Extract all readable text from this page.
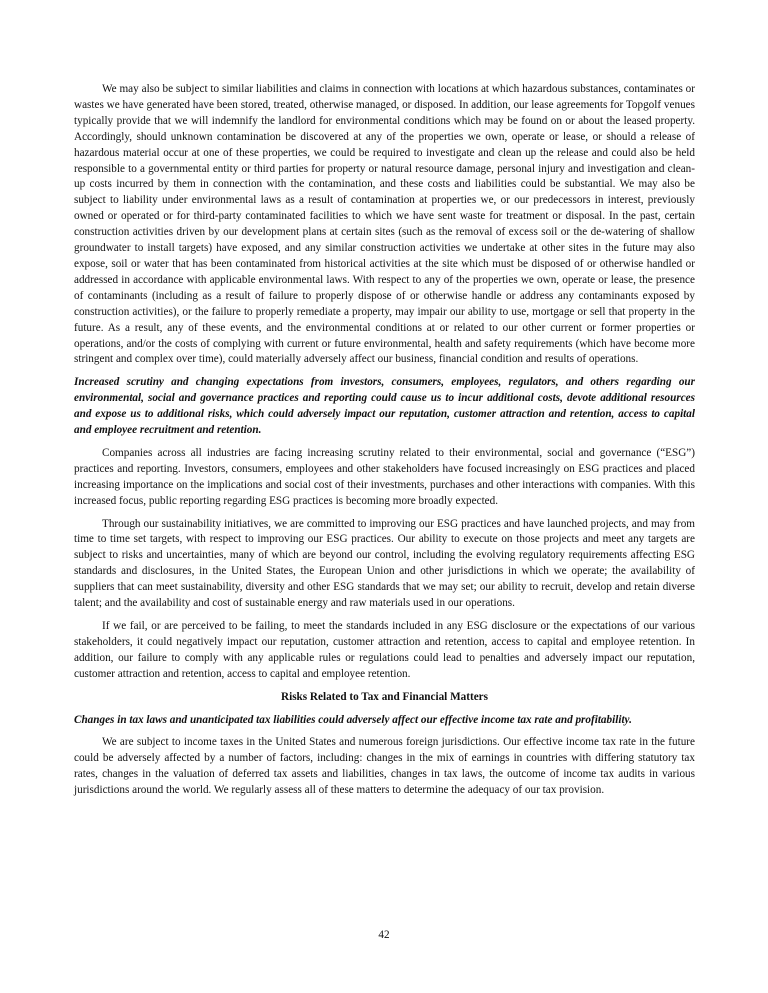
We may also be subject to similar liabilities and claims in connection with locations at which hazardous substances, contaminates or wastes we have generated have been stored, treated, otherwise managed, or disposed. In addition, our lease agreements for Topgolf venues typically provide that we will indemnify the landlord for environmental conditions which may be found on or about the leased property. Accordingly, should unknown contamination be discovered at any of the properties we own, operate or lease, or should a release of hazardous material occur at one of these properties, we could be required to investigate and clean up the release and could also be held responsible to a governmental entity or third parties for property or natural resource damage, personal injury and investigation and clean-up costs incurred by them in connection with the contamination, and these costs and liabilities could be substantial. We may also be subject to liability under environmental laws as a result of contamination at properties we, or our predecessors in interest, previously owned or operated or for third-party contaminated facilities to which we have sent waste for treatment or disposal. In the past, certain construction activities driven by our development plans at certain sites (such as the removal of excess soil or the de-watering of shallow groundwater to install targets) have exposed, and any similar construction activities we undertake at other sites in the future may also expose, soil or water that has been contaminated from historical activities at the site which must be disposed of or otherwise handled or addressed in accordance with applicable environmental laws. With respect to any of the properties we own, operate or lease, the presence of contaminants (including as a result of failure to properly dispose of or otherwise handle or address any contaminants exposed by construction activities), or the failure to properly remediate a property, may impair our ability to use, mortgage or sell that property in the future. As a result, any of these events, and the environmental conditions at or related to our other current or former properties or operations, and/or the costs of complying with current or future environmental, health and safety requirements (which have become more stringent and complex over time), could materially adversely affect our business, financial condition and results of operations.

Increased scrutiny and changing expectations from investors, consumers, employees, regulators, and others regarding our environmental, social and governance practices and reporting could cause us to incur additional costs, devote additional resources and expose us to additional risks, which could adversely impact our reputation, customer attraction and retention, access to capital and employee recruitment and retention.

Companies across all industries are facing increasing scrutiny related to their environmental, social and governance (“ESG”) practices and reporting. Investors, consumers, employees and other stakeholders have focused increasingly on ESG practices and placed increasing importance on the implications and social cost of their investments, purchases and other interactions with companies. With this increased focus, public reporting regarding ESG practices is becoming more broadly expected.

Through our sustainability initiatives, we are committed to improving our ESG practices and have launched projects, and may from time to time set targets, with respect to improving our ESG practices. Our ability to execute on those projects and meet any targets are subject to risks and uncertainties, many of which are beyond our control, including the evolving regulatory requirements affecting ESG standards and disclosures, in the United States, the European Union and other jurisdictions in which we operate; the availability of suppliers that can meet sustainability, diversity and other ESG standards that we may set; our ability to recruit, develop and retain diverse talent; and the availability and cost of sustainable energy and raw materials used in our operations.

If we fail, or are perceived to be failing, to meet the standards included in any ESG disclosure or the expectations of our various stakeholders, it could negatively impact our reputation, customer attraction and retention, access to capital and employee retention. In addition, our failure to comply with any applicable rules or regulations could lead to penalties and adversely impact our reputation, customer attraction and retention, access to capital and employee retention.

Risks Related to Tax and Financial Matters

Changes in tax laws and unanticipated tax liabilities could adversely affect our effective income tax rate and profitability.

We are subject to income taxes in the United States and numerous foreign jurisdictions. Our effective income tax rate in the future could be adversely affected by a number of factors, including: changes in the mix of earnings in countries with differing statutory tax rates, changes in the valuation of deferred tax assets and liabilities, changes in tax laws, the outcome of income tax audits in various jurisdictions around the world. We regularly assess all of these matters to determine the adequacy of our tax provision.

42
